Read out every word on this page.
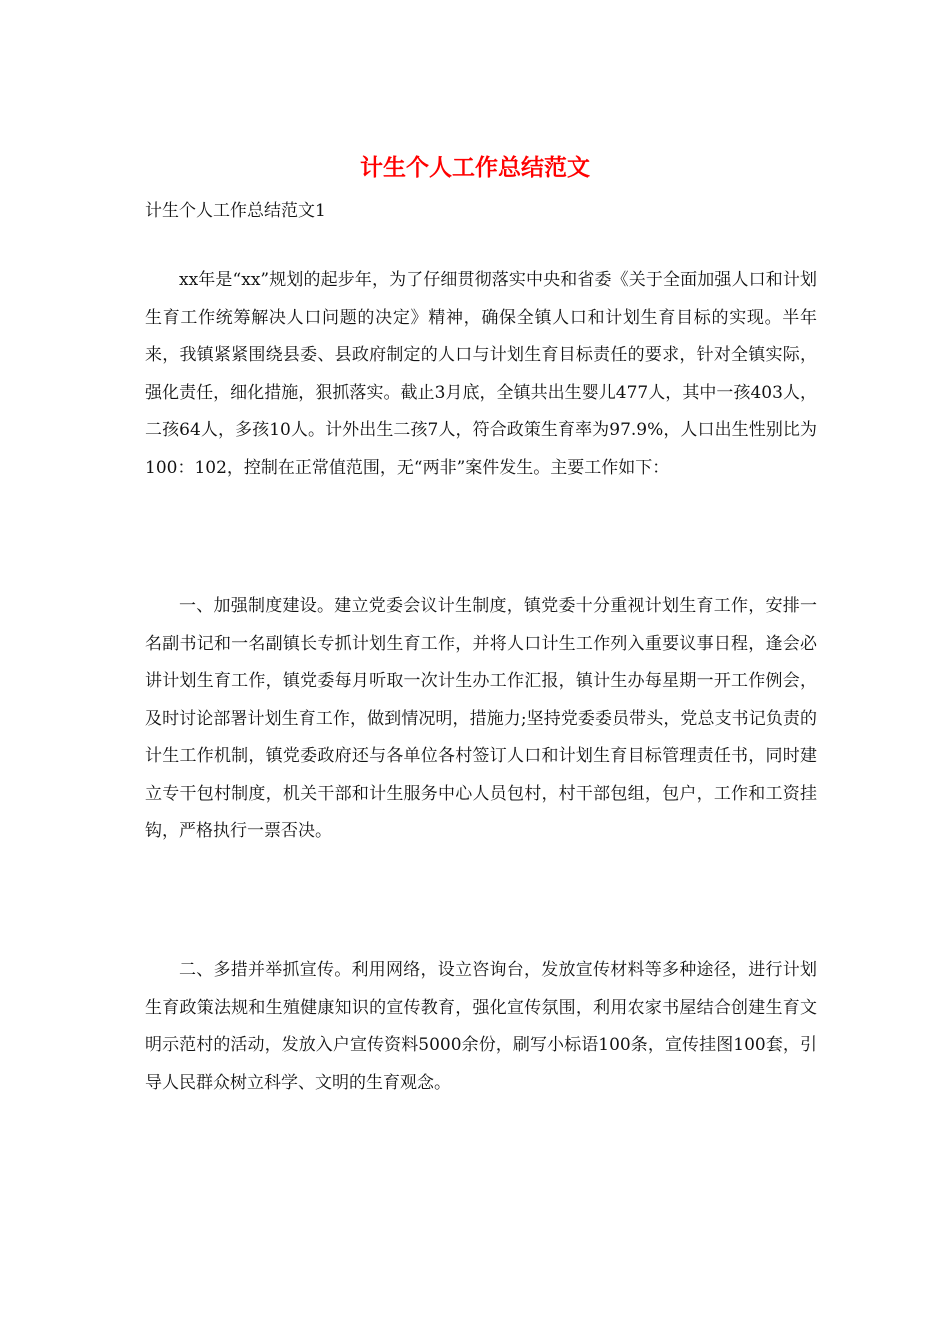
计生个人工作总结范文

计生个人工作总结范文1

xx年是“xx”规划的起步年，为了仔细贯彻落实中央和省委《关于全面加强人口和计划生育工作统筹解决人口问题的决定》精神，确保全镇人口和计划生育目标的实现。半年来，我镇紧紧围绕县委、县政府制定的人口与计划生育目标责任的要求，针对全镇实际，强化责任，细化措施，狠抓落实。截止3月底，全镇共出生婴儿477人，其中一孩403人，二孩64人，多孩10人。计外出生二孩7人，符合政策生育率为97.9%，人口出生性别比为100：102，控制在正常值范围，无“两非”案件发生。主要工作如下：

一、加强制度建设。建立党委会议计生制度，镇党委十分重视计划生育工作，安排一名副书记和一名副镇长专抓计划生育工作，并将人口计生工作列入重要议事日程，逢会必讲计划生育工作，镇党委每月听取一次计生办工作汇报，镇计生办每星期一开工作例会，及时讨论部署计划生育工作，做到情况明，措施力;坚持党委委员带头，党总支书记负责的计生工作机制，镇党委政府还与各单位各村签订人口和计划生育目标管理责任书，同时建立专干包村制度，机关干部和计生服务中心人员包村，村干部包组，包户，工作和工资挂钩，严格执行一票否决。

二、多措并举抓宣传。利用网络，设立咨询台，发放宣传材料等多种途径，进行计划生育政策法规和生殖健康知识的宣传教育，强化宣传氛围，利用农家书屋结合创建生育文明示范村的活动，发放入户宣传资料5000余份，刷写小标语100条，宣传挂图100套，引导人民群众树立科学、文明的生育观念。
